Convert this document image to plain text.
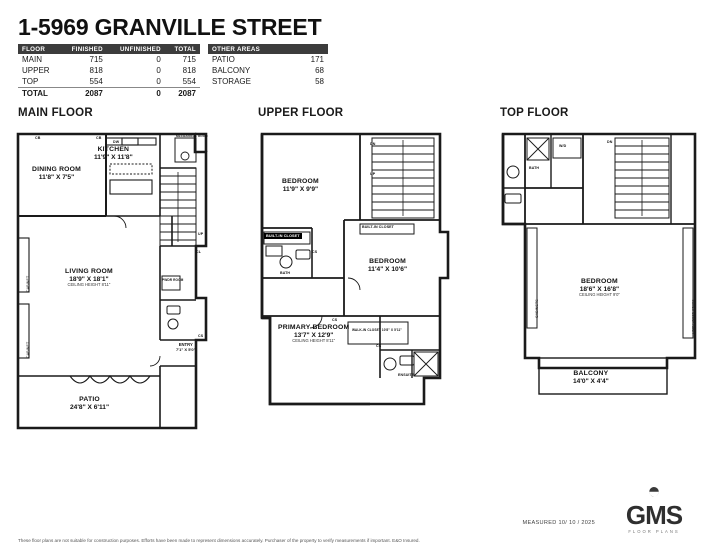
1-5969 GRANVILLE STREET
FLOOR	FINISHED	UNFINISHED	TOTAL
MAIN	715	0	715
UPPER	818	0	818
TOP	554	0	554
TOTAL	2087	0	2087
OTHER AREAS	
PATIO	171
BALCONY	68
STORAGE	58
MAIN FLOOR	UPPER FLOOR	TOP FLOOR
DINING ROOM
11'8" X 7'5"
KITCHEN
11'9" X 11'8"
LIVING ROOM
18'9" X 18'1"
CEILING HEIGHT 8'11"
PATIO
24'8" X 6'11"
ENTRY
7'1" X 5'0"
CB	CB
CL
DW
CABINET
CABINET
UP
PWDR ROOM
MECHANICAL ROOM
CS
BEDROOM
11'9" X 9'9"
BEDROOM
11'4" X 10'6"
PRIMARY BEDROOM
13'7" X 12'9"
CEILING HEIGHT 8'11"
BUILT-IN CLOSET
BUILT-IN CLOSET
BATH
ENSUITE
WALK-IN CLOSET 10'8" X 5'11"
DN
UP
CS
CS
CS
BEDROOM
18'6" X 16'8"
CEILING HEIGHT 9'0"
BALCONY
14'0" X 4'4"
BATH
W/D
DN
CABINETS	LINEN UNDER STAIRS
◓
GMS
FLOOR PLANS
MEASURED 10/ 10 / 2025
These floor plans are not suitable for construction purposes. Efforts have been made to represent dimensions accurately. Purchaser of the property to verify measurements if important. E&O Insured.
